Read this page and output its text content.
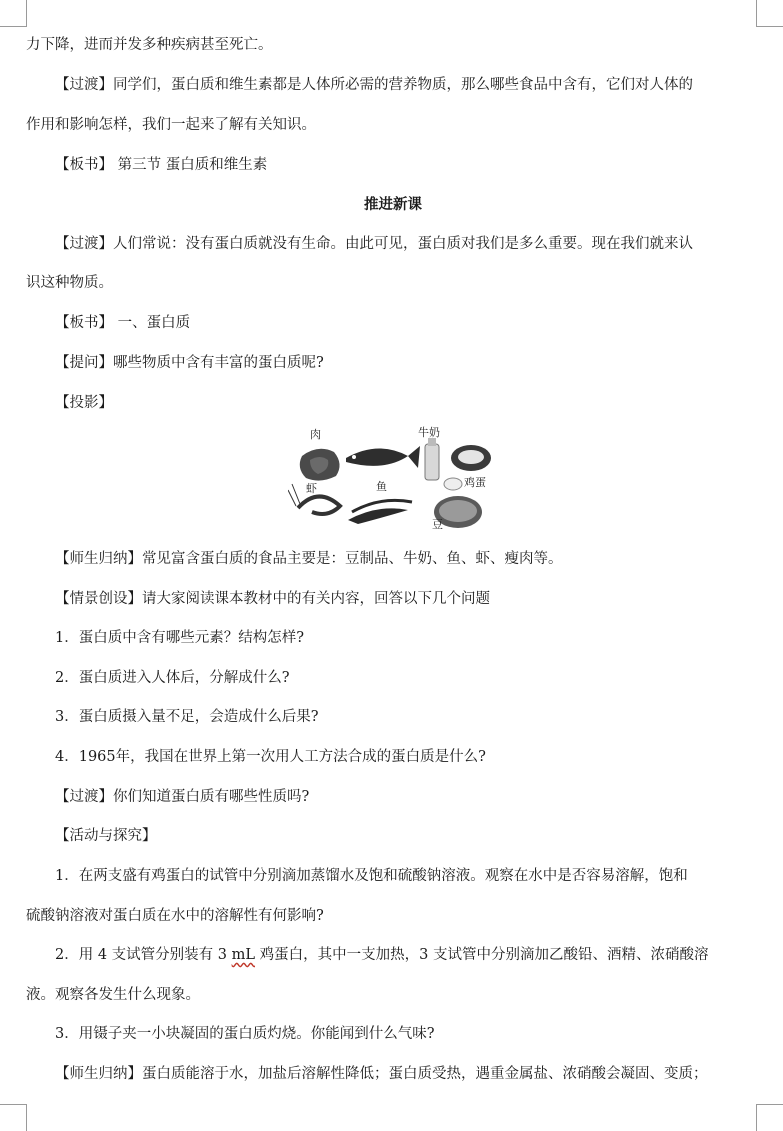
力下降，进而并发多种疾病甚至死亡。
【过渡】同学们，蛋白质和维生素都是人体所必需的营养物质，那么哪些食品中含有，它们对人体的
作用和影响怎样，我们一起来了解有关知识。
【板书】 第三节 蛋白质和维生素
推进新课
【过渡】人们常说：没有蛋白质就没有生命。由此可见，蛋白质对我们是多么重要。现在我们就来认
识这种物质。
【板书】 一、蛋白质
【提问】哪些物质中含有丰富的蛋白质呢?
【投影】
肉	牛奶
虾	鱼	鸡蛋
豆
【师生归纳】常见富含蛋白质的食品主要是：豆制品、牛奶、鱼、虾、瘦肉等。
【情景创设】请大家阅读课本教材中的有关内容，回答以下几个问题
1．蛋白质中含有哪些元素？结构怎样?
2．蛋白质进入人体后，分解成什么?
3．蛋白质摄入量不足，会造成什么后果?
4．1965年，我国在世界上第一次用人工方法合成的蛋白质是什么?
【过渡】你们知道蛋白质有哪些性质吗?
【活动与探究】
1．在两支盛有鸡蛋白的试管中分别滴加蒸馏水及饱和硫酸钠溶液。观察在水中是否容易溶解，饱和
硫酸钠溶液对蛋白质在水中的溶解性有何影响?
2．用 4 支试管分别装有 3 mL 鸡蛋白，其中一支加热，3 支试管中分别滴加乙酸铅、酒精、浓硝酸溶
液。观察各发生什么现象。
3．用镊子夹一小块凝固的蛋白质灼烧。你能闻到什么气味?
【师生归纳】蛋白质能溶于水，加盐后溶解性降低；蛋白质受热，遇重金属盐、浓硝酸会凝固、变质；
